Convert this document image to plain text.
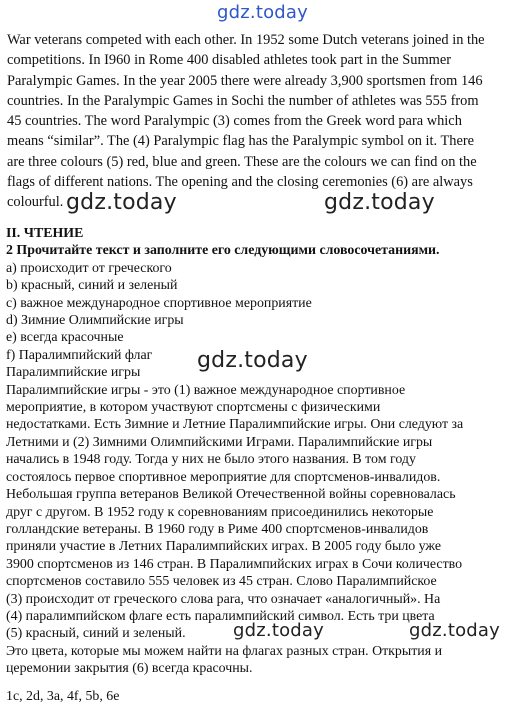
gdz.today
gdz.today	gdz.today
gdz.today
gdz.today	gdz.today
War veterans competed with each other. In 1952 some Dutch veterans joined in the
competitions. In I960 in Rome 400 disabled athletes took part in the Summer
Paralympic Games. In the year 2005 there were already 3,900 sportsmen from 146
countries. In the Paralympic Games in Sochi the number of athletes was 555 from
45 countries. The word Paralympic (3) comes from the Greek word para which
means “similar”. The (4) Paralympic flag has the Paralympic symbol on it. There
are three colours (5) red, blue and green. These are the colours we can find on the
flags of different nations. The opening and the closing ceremonies (6) are always
colourful.
II. ЧТЕНИЕ
2 Прочитайте текст и заполните его следующими словосочетаниями.
a) происходит от греческого
b) красный, синий и зеленый
c) важное международное спортивное мероприятие
d) Зимние Олимпийские игры
e) всегда красочные
f) Паралимпийский флаг
Паралимпийские игры
Паралимпийские игры - это (1) важное международное спортивное
мероприятие, в котором участвуют спортсмены с физическими
недостатками. Есть Зимние и Летние Паралимпийские игры. Они следуют за
Летними и (2) Зимними Олимпийскими Играми. Паралимпийские игры
начались в 1948 году. Тогда у них не было этого названия. В том году
состоялось первое спортивное мероприятие для спортсменов-инвалидов.
Небольшая группа ветеранов Великой Отечественной войны соревновалась
друг с другом. В 1952 году к соревнованиям присоединились некоторые
голландские ветераны. В 1960 году в Риме 400 спортсменов-инвалидов
приняли участие в Летних Паралимпийских играх. В 2005 году было уже
3900 спортсменов из 146 стран. В Паралимпийских играх в Сочи количество
спортсменов составило 555 человек из 45 стран. Слово Паралимпийское
(3) происходит от греческого слова para, что означает «аналогичный». На
(4) паралимпийском флаге есть паралимпийский символ. Есть три цвета
(5) красный, синий и зеленый.
Это цвета, которые мы можем найти на флагах разных стран. Открытия и
церемонии закрытия (6) всегда красочны.
1c, 2d, 3a, 4f, 5b, 6e
